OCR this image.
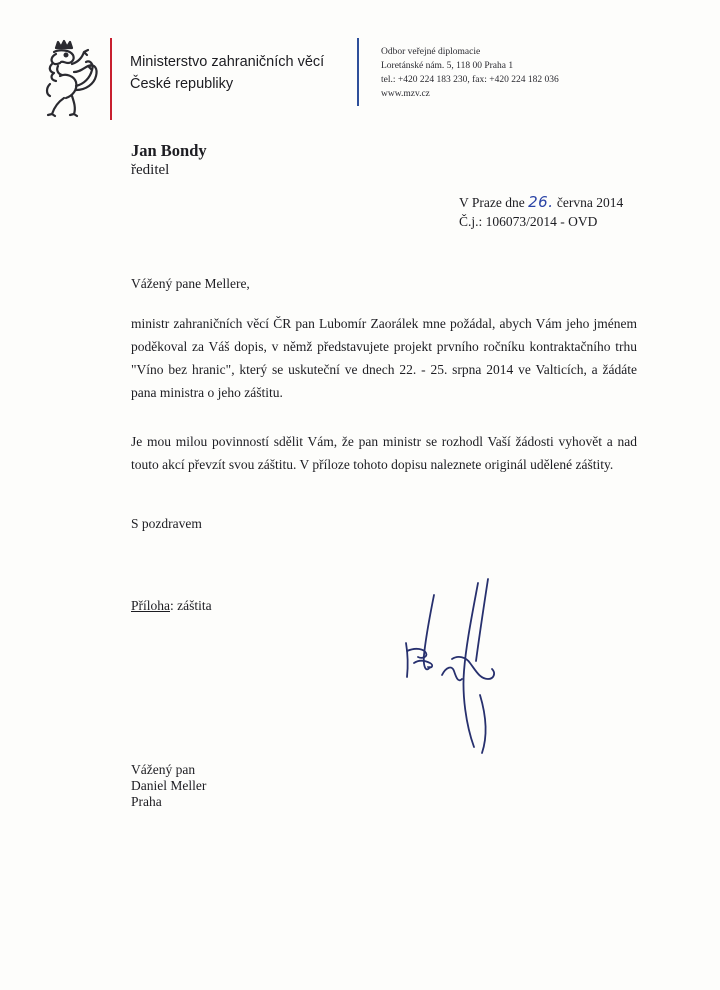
Ministerstvo zahraničních věcí
České republiky
Odbor veřejné diplomacie
Loretánské nám. 5, 118 00 Praha 1
tel.: +420 224 183 230, fax: +420 224 182 036
www.mzv.cz
Jan Bondy
ředitel
V Praze dne 26. června 2014
Č.j.: 106073/2014 - OVD
Vážený pane Mellere,
ministr zahraničních věcí ČR pan Lubomír Zaorálek mne požádal, abych Vám jeho jménem poděkoval za Váš dopis, v němž představujete projekt prvního ročníku kontraktačního trhu "Víno bez hranic", který se uskuteční ve dnech 22. - 25. srpna 2014 ve Valticích, a žádáte pana ministra o jeho záštitu.
Je mou milou povinností sdělit Vám, že pan ministr se rozhodl Vaší žádosti vyhovět a nad touto akcí převzít svou záštitu. V příloze tohoto dopisu naleznete originál udělené záštity.
S pozdravem
Příloha: záštita
Vážený pan
Daniel Meller
Praha
